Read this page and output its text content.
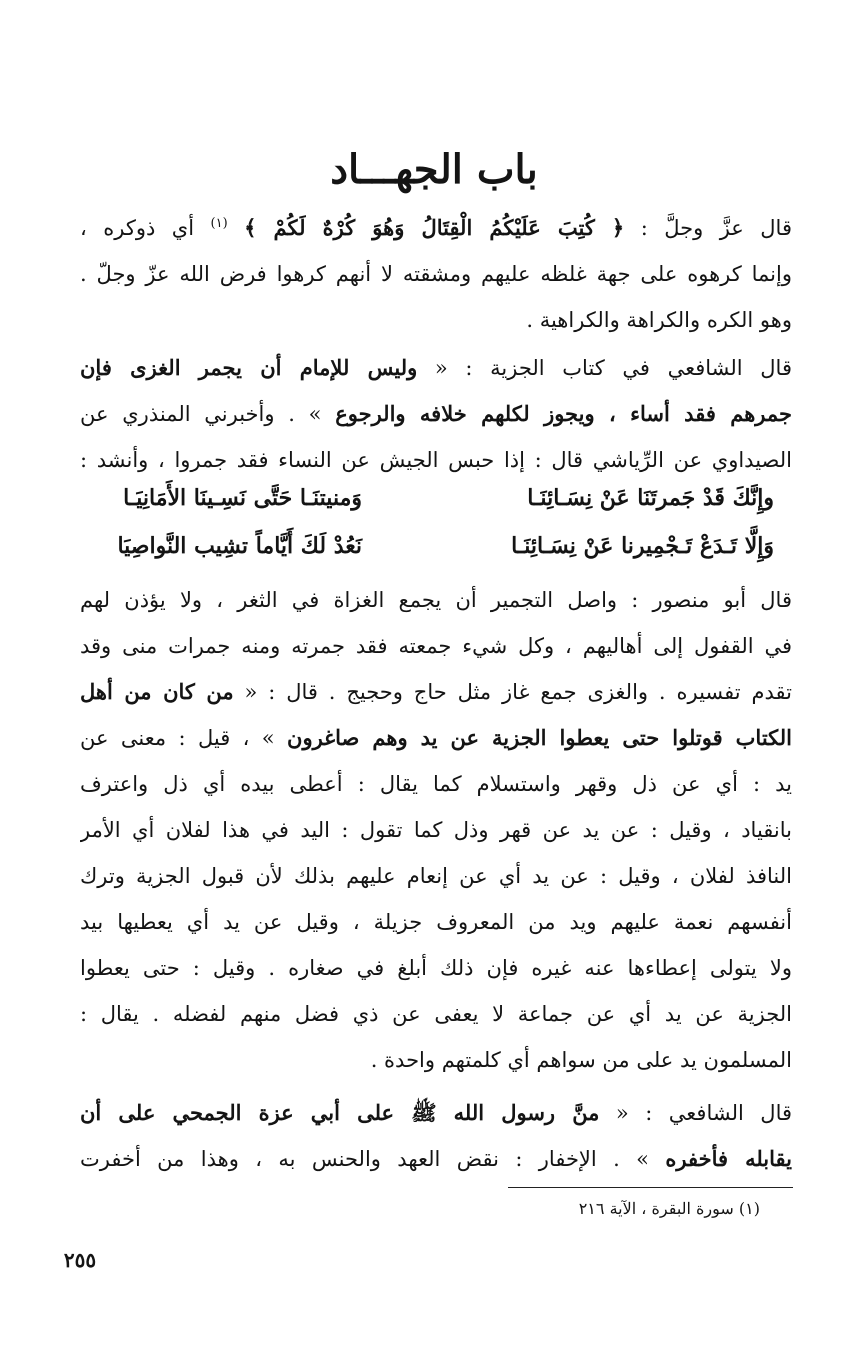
باب الجهـــاد
قال عزَّ وجلَّ : ﴿ كُتِبَ عَلَيْكُمُ الْقِتَالُ وَهُوَ كُرْهٌ لَكُمْ ﴾ $^{(١)}$ أي ذوكره ،
وإنما كرهوه على جهة غلظه عليهم ومشقته لا أنهم كرهوا فرض الله عزّ وجلّ .
وهو الكره والكراهة والكراهية .
قال الشافعي في كتاب الجزية : « وليس للإمام أن يجمر الغزى فإن
جمرهم فقد أساء ، ويجوز لكلهم خلافه والرجوع » . وأخبرني المنذري عن
الصيداوي عن الرِّياشي قال : إذا حبس الجيش عن النساء فقد جمروا ، وأنشد :
وإِنَّكَ قَدْ جَمرتَنَا عَنْ نِسَـائِنَـا
وَمنيتنَـا حَتَّى نَسِـينَا الأَمَانِيَـا
وَإِلَّا تَـدَعْ تَـجْمِيرنا عَنْ نِسَـائِنَـا
نَعُدْ لَكَ أَيَّاماً تشِيب النَّواصِيَا
قال أبو منصور : واصل التجمير أن يجمع الغزاة في الثغر ، ولا يؤذن لهم
في القفول إلى أهاليهم ، وكل شيء جمعته فقد جمرته ومنه جمرات منى وقد
تقدم تفسيره . والغزى جمع غاز مثل حاج وحجيج . قال : « من كان من أهل
الكتاب قوتلوا حتى يعطوا الجزية عن يد وهم صاغرون » ، قيل : معنى عن
يد : أي عن ذل وقهر واستسلام كما يقال : أعطى بيده أي ذل واعترف
بانقياد ، وقيل : عن يد عن قهر وذل كما تقول : اليد في هذا لفلان أي الأمر
النافذ لفلان ، وقيل : عن يد أي عن إنعام عليهم بذلك لأن قبول الجزية وترك
أنفسهم نعمة عليهم ويد من المعروف جزيلة ، وقيل عن يد أي يعطيها بيد
ولا يتولى إعطاءها عنه غيره فإن ذلك أبلغ في صغاره . وقيل : حتى يعطوا
الجزية عن يد أي عن جماعة لا يعفى عن ذي فضل منهم لفضله . يقال :
المسلمون يد على من سواهم أي كلمتهم واحدة .
قال الشافعي : « منَّ رسول الله ﷺ على أبي عزة الجمحي على أن
يقابله فأخفره » . الإخفار : نقض العهد والحنس به ، وهذا من أخفرت
(١) سورة البقرة ، الآية ٢١٦
٢٥٥
